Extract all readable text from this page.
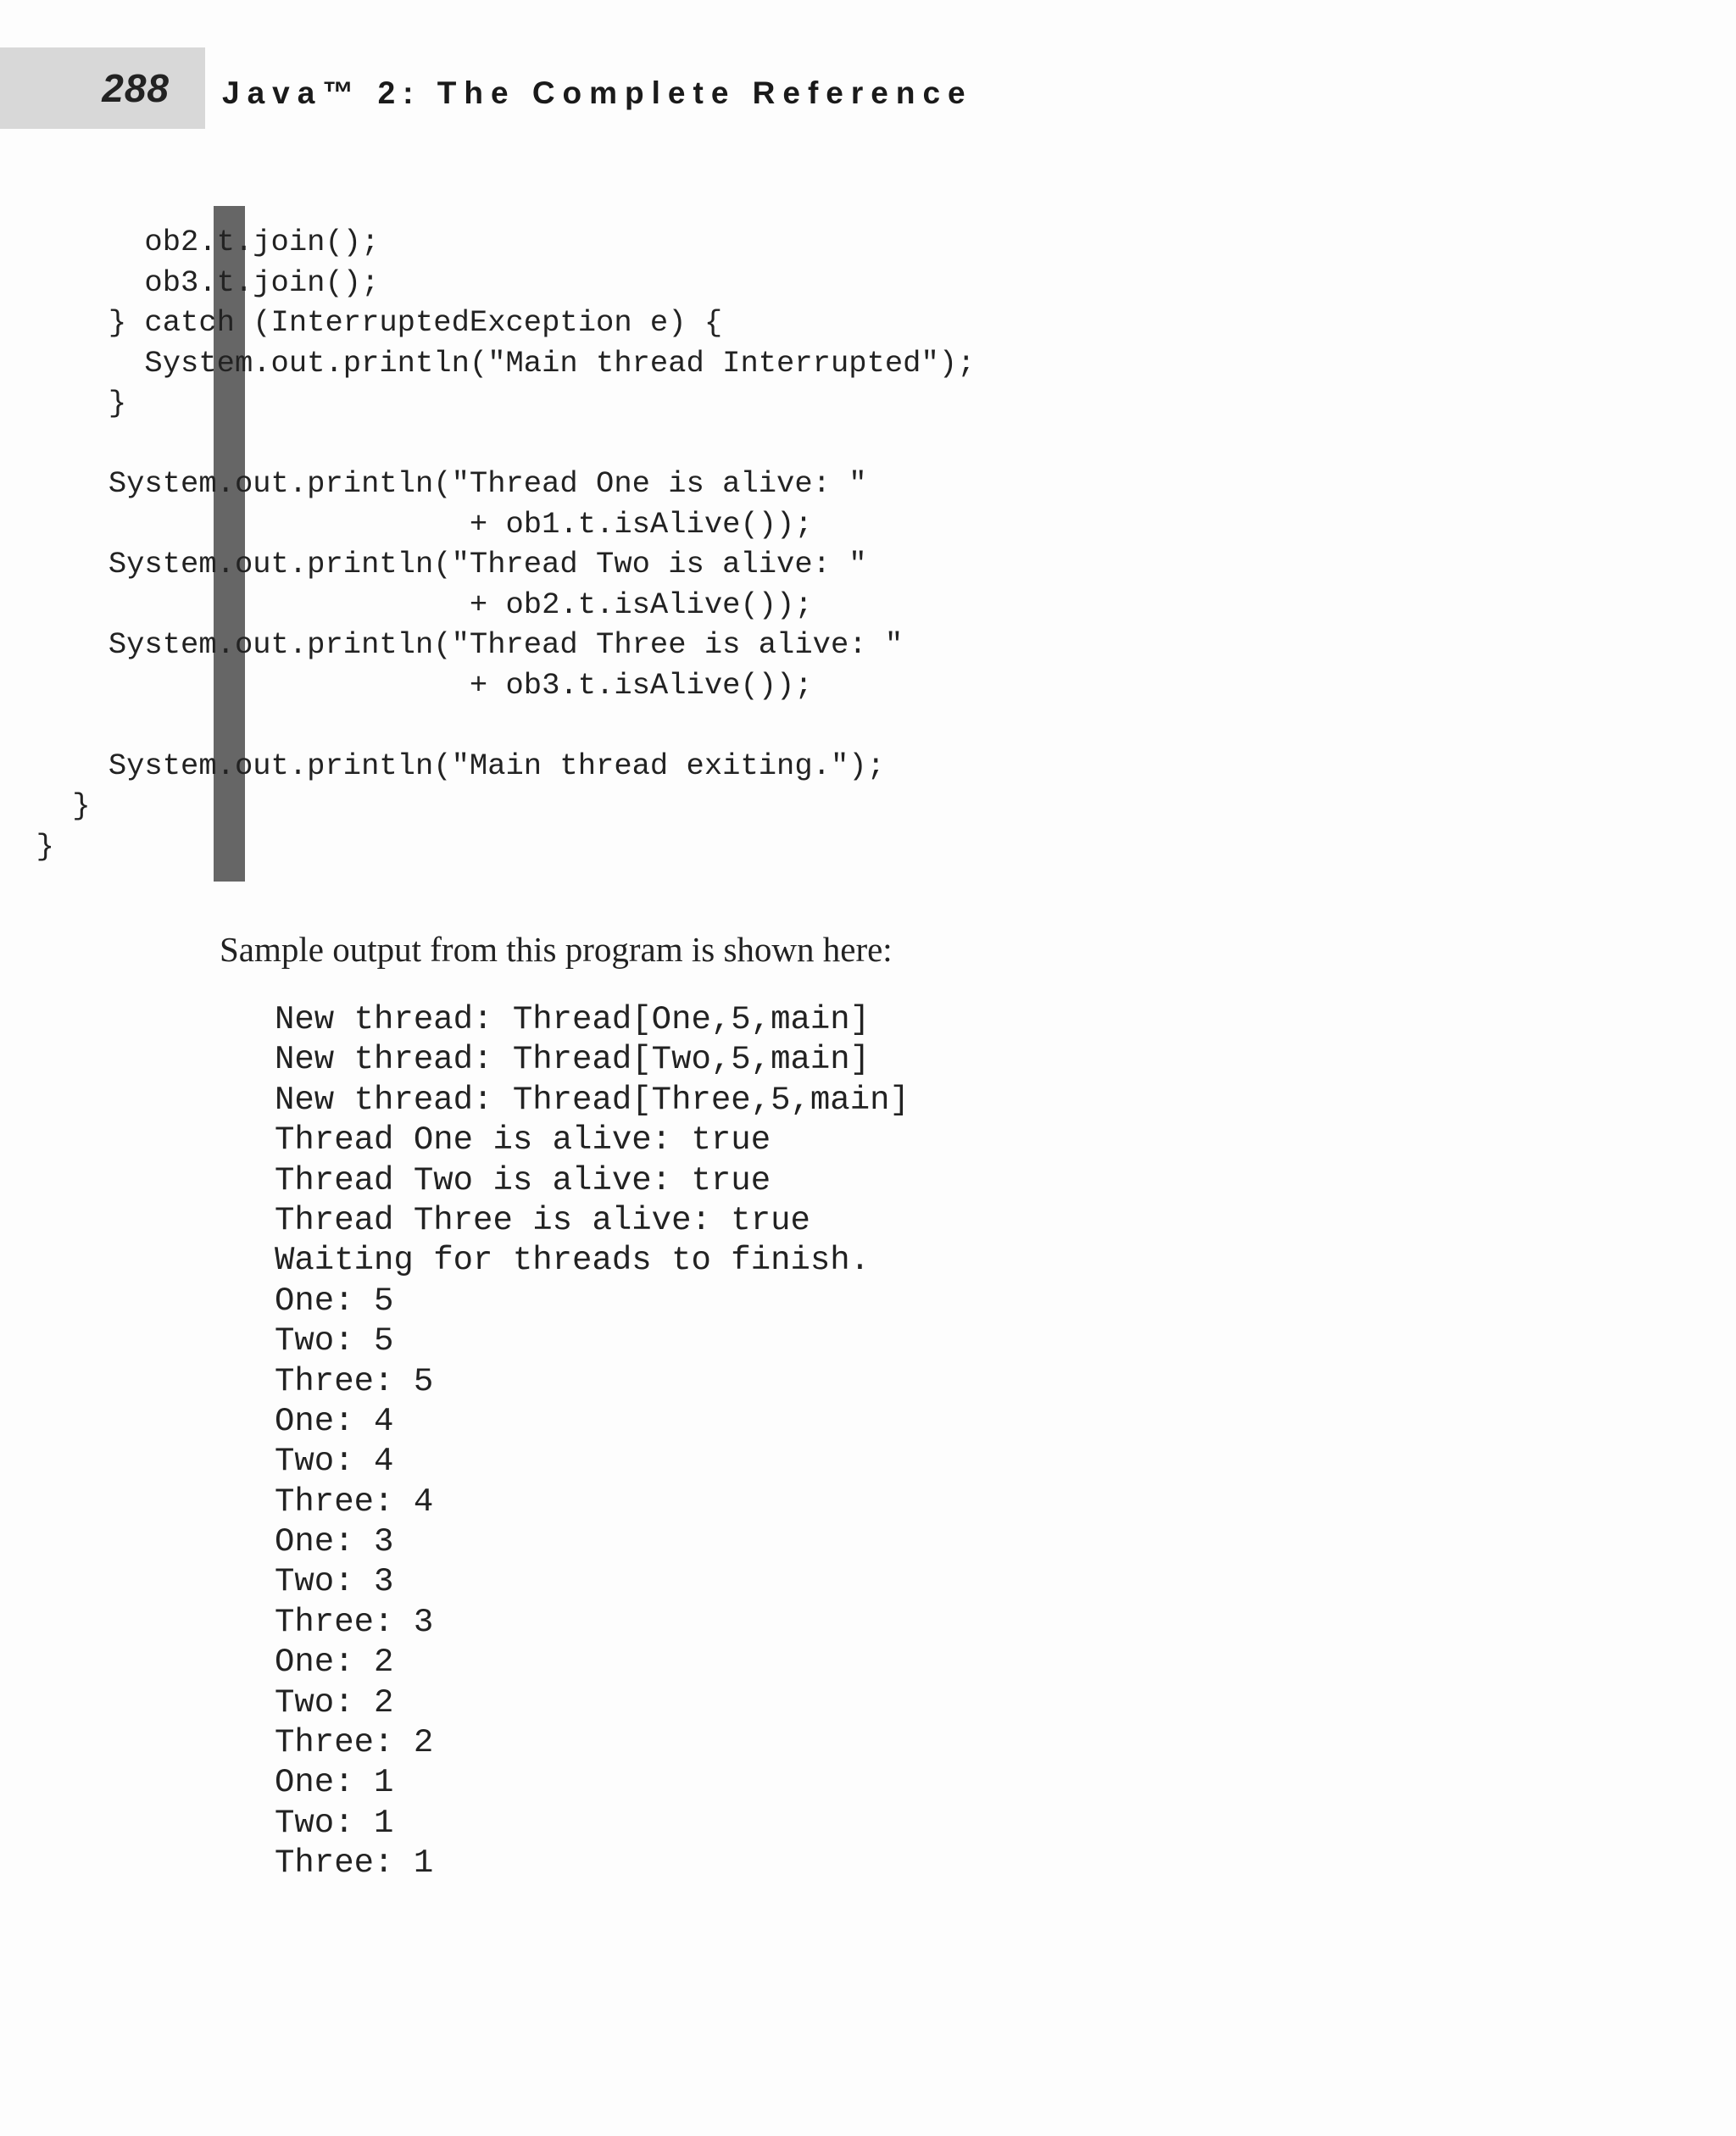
288 Java™ 2: The Complete Reference
ob2.t.join();
ob3.t.join();
} catch (InterruptedException e) {
System.out.println("Main thread Interrupted");
}
System.out.println("Thread One is alive: "
+ ob1.t.isAlive());
System.out.println("Thread Two is alive: "
+ ob2.t.isAlive());
System.out.println("Thread Three is alive: "
+ ob3.t.isAlive());
System.out.println("Main thread exiting.");
}
}

Sample output from this program is shown here:

New thread: Thread[One,5,main]
New thread: Thread[Two,5,main]
New thread: Thread[Three,5,main]
Thread One is alive: true
Thread Two is alive: true
Thread Three is alive: true
Waiting for threads to finish.
One: 5
Two: 5
Three: 5
One: 4
Two: 4
Three: 4
One: 3
Two: 3
Three: 3
One: 2
Two: 2
Three: 2
One: 1
Two: 1
Three: 1
